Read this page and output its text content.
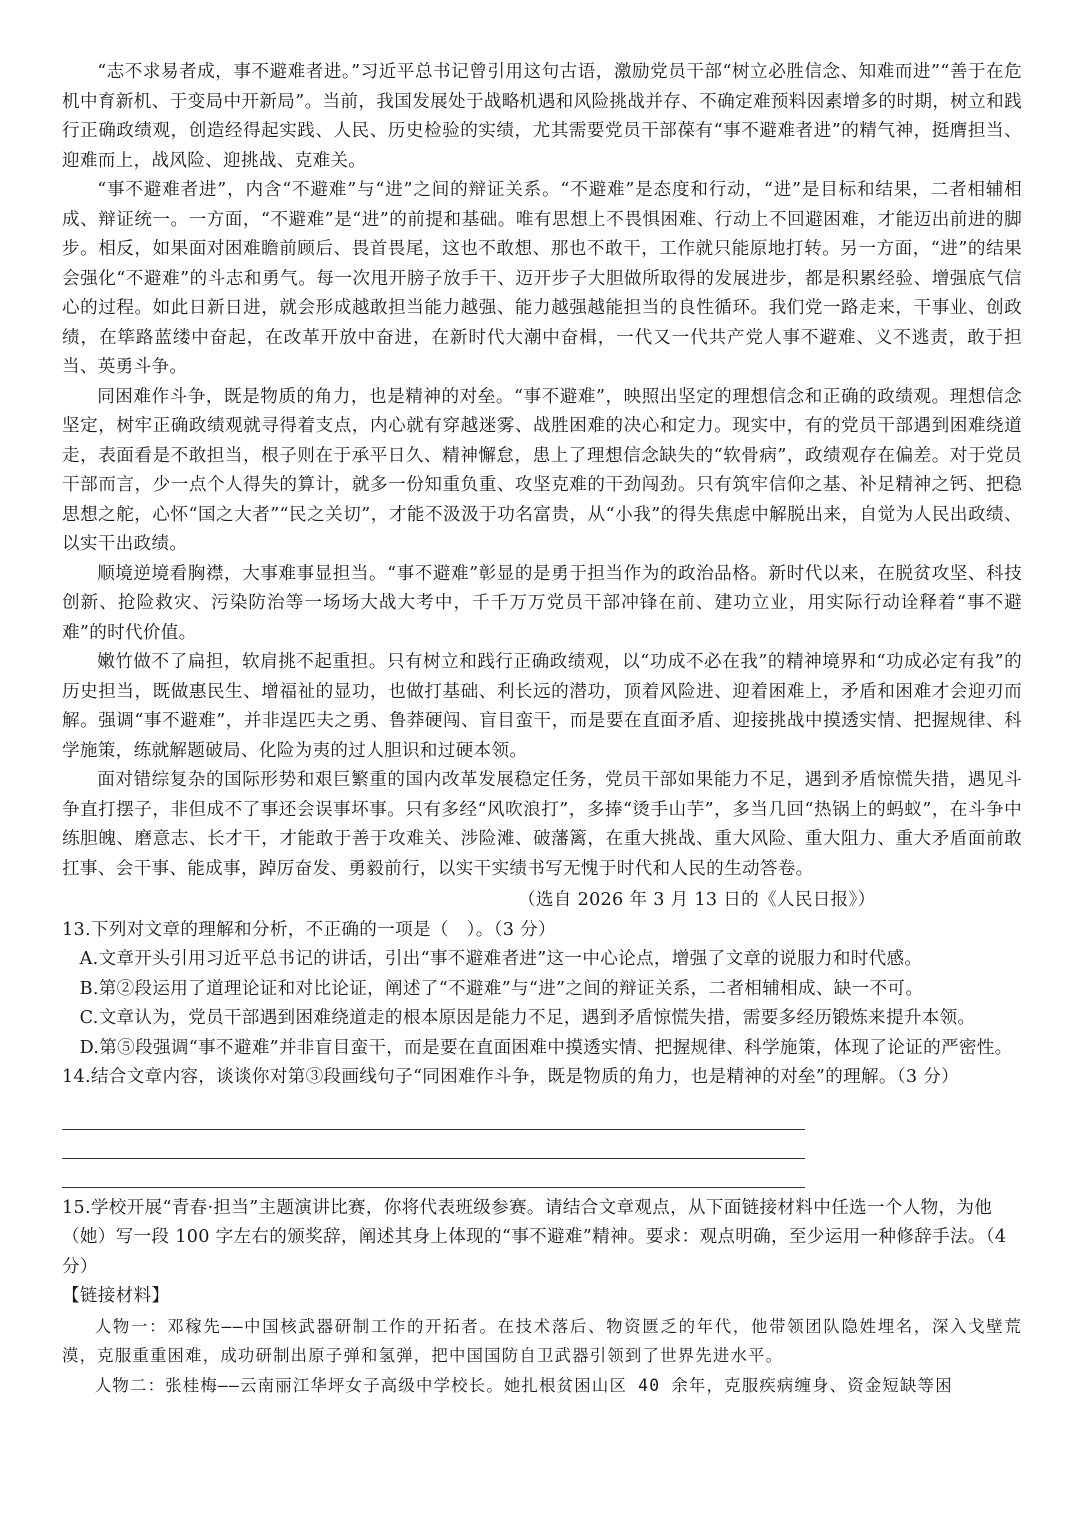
“志不求易者成，事不避难者进。”习近平总书记曾引用这句古语，激励党员干部“树立必胜信念、知难而进”“善于在危机中育新机、于变局中开新局”。当前，我国发展处于战略机遇和风险挑战并存、不确定难预料因素增多的时期，树立和践行正确政绩观，创造经得起实践、人民、历史检验的实绩，尤其需要党员干部葆有“事不避难者进”的精气神，挺膺担当、迎难而上，战风险、迎挑战、克难关。

“事不避难者进”，内含“不避难”与“进”之间的辩证关系。“不避难”是态度和行动，“进”是目标和结果，二者相辅相成、辩证统一。一方面，“不避难”是“进”的前提和基础。唯有思想上不畏惧困难、行动上不回避困难，才能迈出前进的脚步。相反，如果面对困难瞻前顾后、畏首畏尾，这也不敢想、那也不敢干，工作就只能原地打转。另一方面，“进”的结果会强化“不避难”的斗志和勇气。每一次甩开膀子放手干、迈开步子大胆做所取得的发展进步，都是积累经验、增强底气信心的过程。如此日新日进，就会形成越敢担当能力越强、能力越强越能担当的良性循环。我们党一路走来，干事业、创政绩，在筚路蓝缕中奋起，在改革开放中奋进，在新时代大潮中奋楫，一代又一代共产党人事不避难、义不逃责，敢于担当、英勇斗争。

同困难作斗争，既是物质的角力，也是精神的对垒。“事不避难”，映照出坚定的理想信念和正确的政绩观。理想信念坚定，树牢正确政绩观就寻得着支点，内心就有穿越迷雾、战胜困难的决心和定力。现实中，有的党员干部遇到困难绕道走，表面看是不敢担当，根子则在于承平日久、精神懈怠，患上了理想信念缺失的“软骨病”，政绩观存在偏差。对于党员干部而言，少一点个人得失的算计，就多一份知重负重、攻坚克难的干劲闯劲。只有筑牢信仰之基、补足精神之钙、把稳思想之舵，心怀“国之大者”“民之关切”，才能不汲汲于功名富贵，从“小我”的得失焦虑中解脱出来，自觉为人民出政绩、以实干出政绩。

顺境逆境看胸襟，大事难事显担当。“事不避难”彰显的是勇于担当作为的政治品格。新时代以来，在脱贫攻坚、科技创新、抢险救灾、污染防治等一场场大战大考中，千千万万党员干部冲锋在前、建功立业，用实际行动诠释着“事不避难”的时代价值。

嫩竹做不了扁担，软肩挑不起重担。只有树立和践行正确政绩观，以“功成不必在我”的精神境界和“功成必定有我”的历史担当，既做惠民生、增福祉的显功，也做打基础、利长远的潜功，顶着风险进、迎着困难上，矛盾和困难才会迎刃而解。强调“事不避难”，并非逞匹夫之勇、鲁莽硬闯、盲目蛮干，而是要在直面矛盾、迎接挑战中摸透实情、把握规律、科学施策，练就解题破局、化险为夷的过人胆识和过硬本领。

面对错综复杂的国际形势和艰巨繁重的国内改革发展稳定任务，党员干部如果能力不足，遇到矛盾惊慌失措，遇见斗争直打摆子，非但成不了事还会误事坏事。只有多经“风吹浪打”，多捧“烫手山芋”，多当几回“热锅上的蚂蚁”，在斗争中练胆魄、磨意志、长才干，才能敢于善于攻难关、涉险滩、破藩篱，在重大挑战、重大风险、重大阻力、重大矛盾面前敢扛事、会干事、能成事，踔厉奋发、勇毅前行，以实干实绩书写无愧于时代和人民的生动答卷。

（选自 2026 年 3 月 13 日的《人民日报》）

13.下列对文章的理解和分析，不正确的一项是（　）。（3 分）

A.文章开头引用习近平总书记的讲话，引出“事不避难者进”这一中心论点，增强了文章的说服力和时代感。

B.第②段运用了道理论证和对比论证，阐述了“不避难”与“进”之间的辩证关系，二者相辅相成、缺一不可。

C.文章认为，党员干部遇到困难绕道走的根本原因是能力不足，遇到矛盾惊慌失措，需要多经历锻炼来提升本领。

D.第⑤段强调“事不避难”并非盲目蛮干，而是要在直面困难中摸透实情、把握规律、科学施策，体现了论证的严密性。

14.结合文章内容，谈谈你对第③段画线句子“同困难作斗争，既是物质的角力，也是精神的对垒”的理解。（3 分）

15.学校开展“青春·担当”主题演讲比赛，你将代表班级参赛。请结合文章观点，从下面链接材料中任选一个人物，为他（她）写一段 100 字左右的颁奖辞，阐述其身上体现的“事不避难”精神。要求：观点明确，至少运用一种修辞手法。（4 分）

【链接材料】

人物一：邓稼先——中国核武器研制工作的开拓者。在技术落后、物资匮乏的年代，他带领团队隐姓埋名，深入戈壁荒漠，克服重重困难，成功研制出原子弹和氢弹，把中国国防自卫武器引领到了世界先进水平。

人物二：张桂梅——云南丽江华坪女子高级中学校长。她扎根贫困山区 40 余年，克服疾病缠身、资金短缺等困
